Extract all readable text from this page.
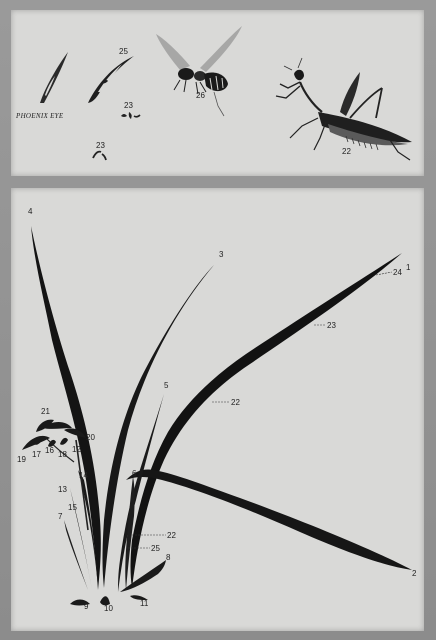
PHOENIX EYE
25
23
23
26
22
1
2
3
4
5
6
7
8
9 10
11
12
13
14
15
16
17 18
19
20
21
24
23
22
22
25
